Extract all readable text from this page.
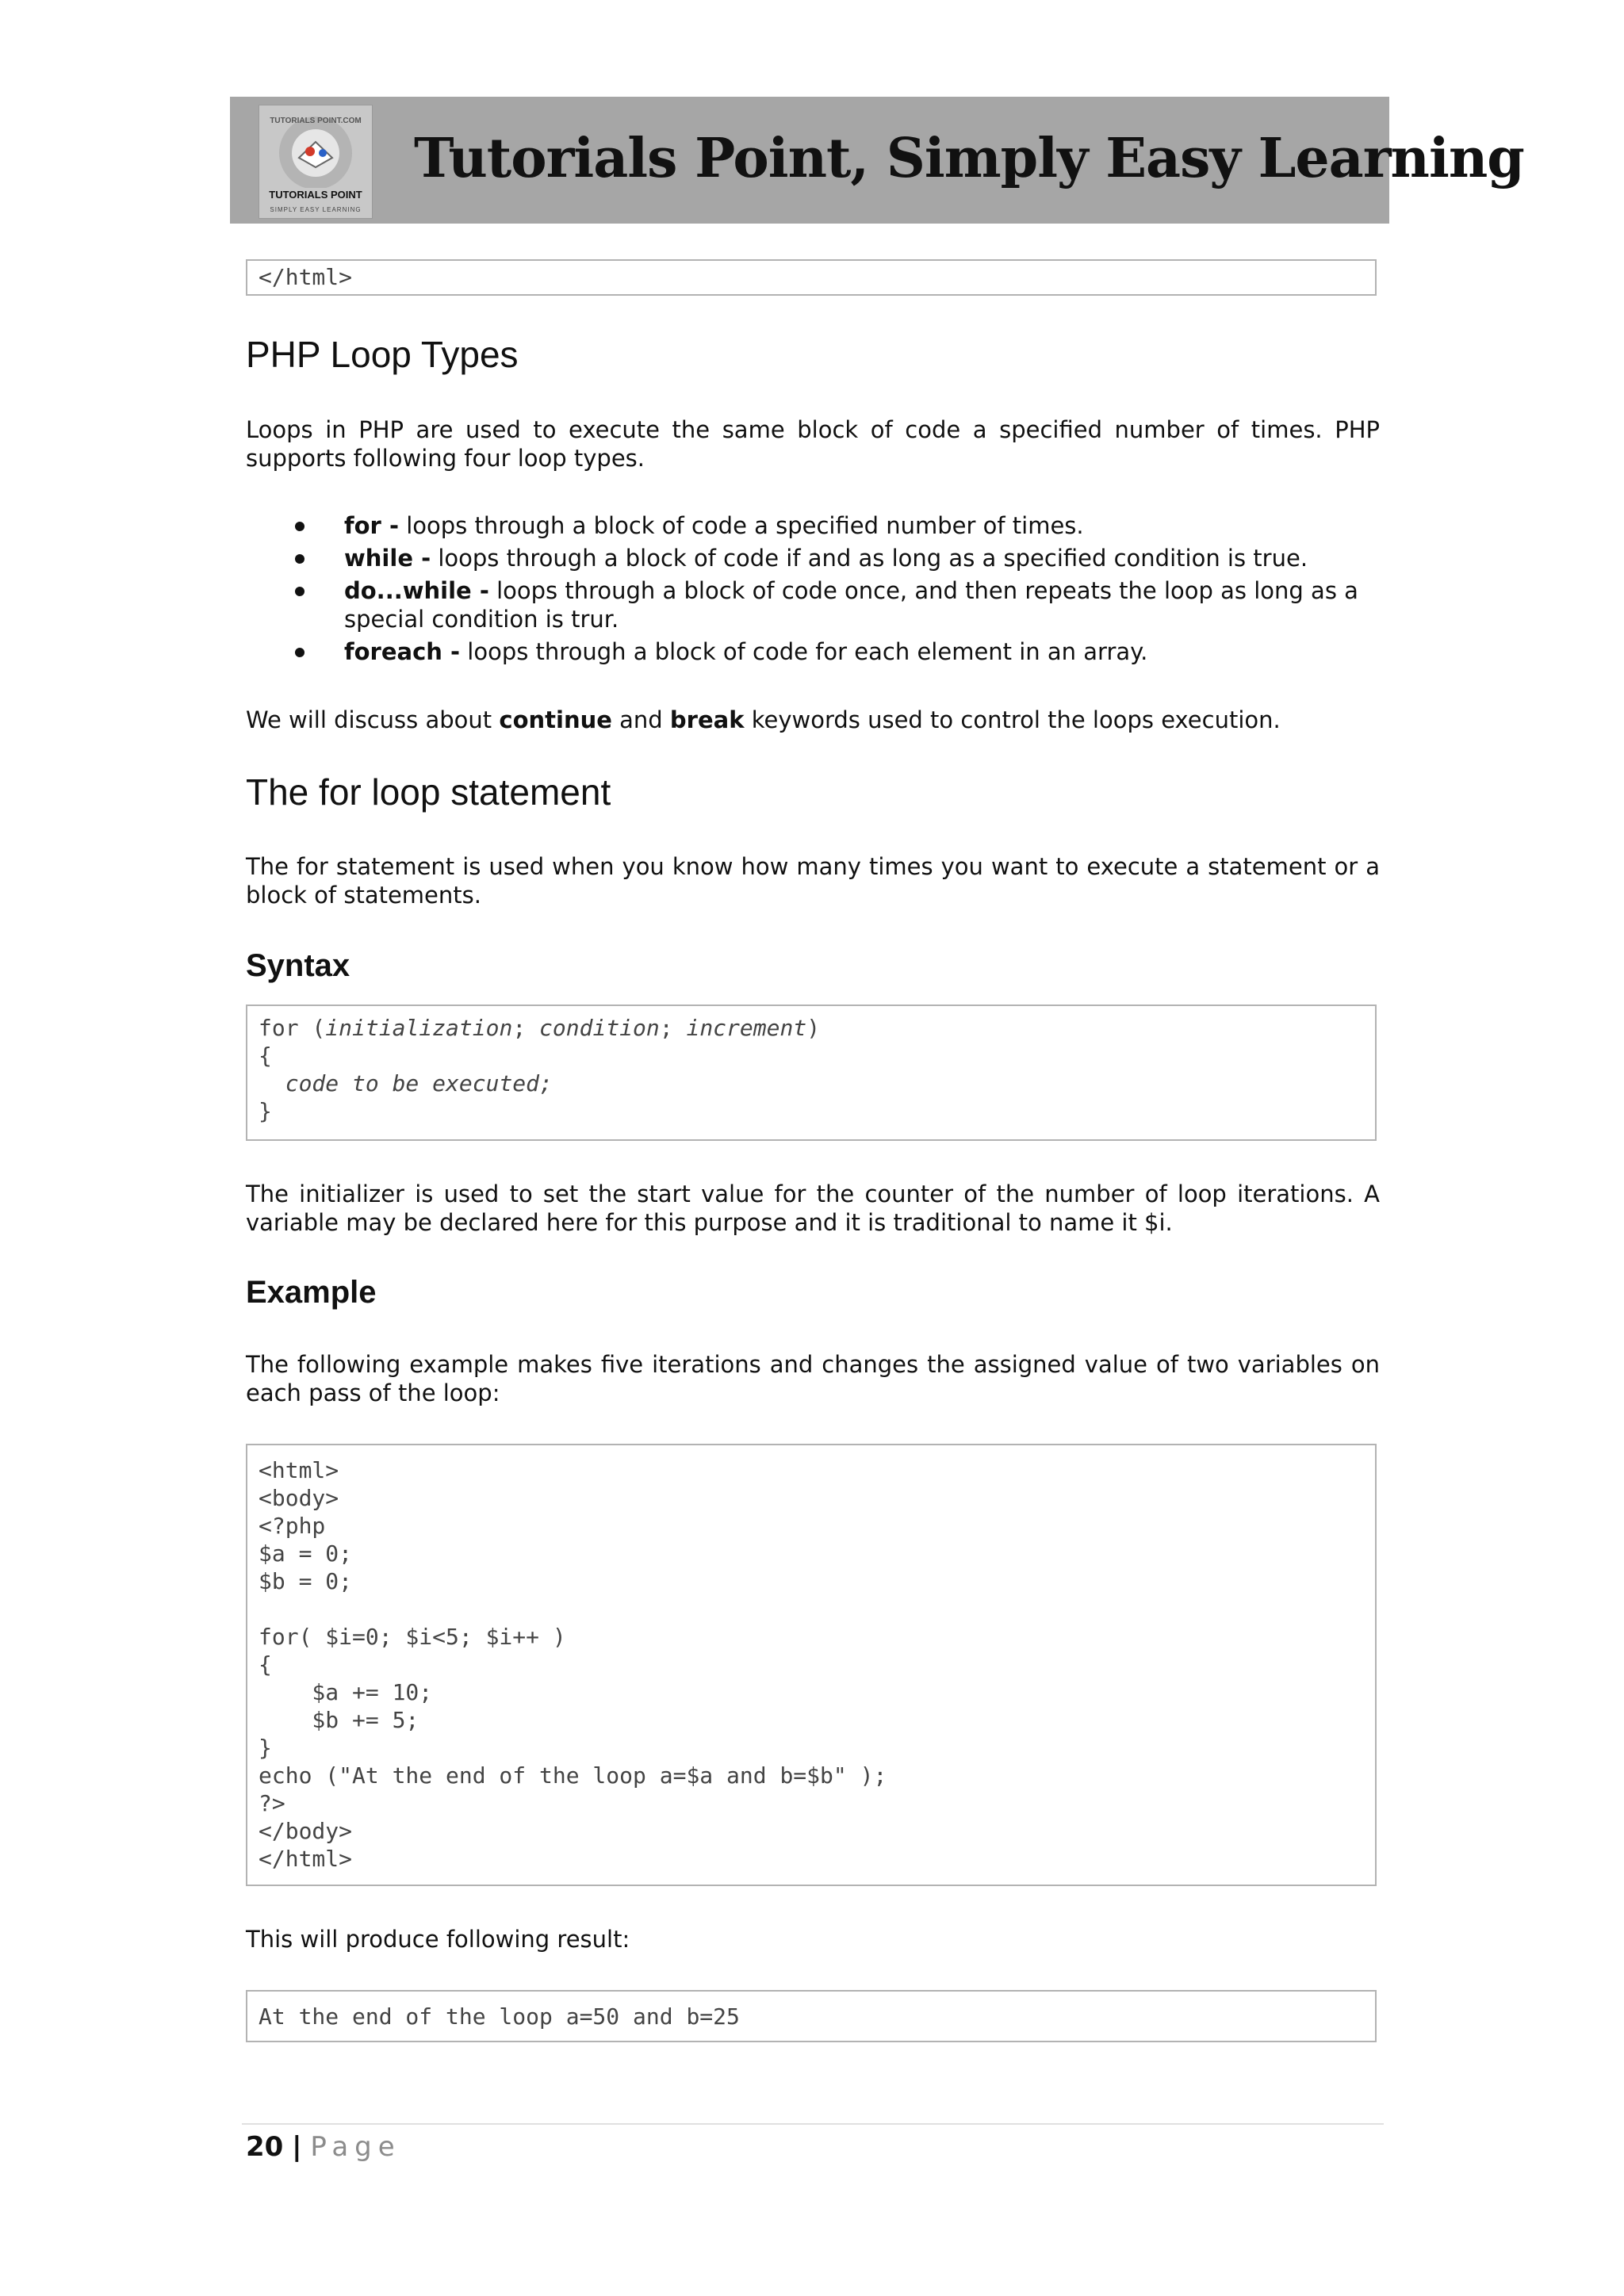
TUTORIALS POINT
SIMPLY EASY LEARNING
TUTORIALS POINT.COM
Tutorials Point, Simply Easy Learning
</html>
PHP Loop Types
Loops in PHP are used to execute the same block of code a specified number of times. PHP supports following four loop types.
for - loops through a block of code a specified number of times.
while - loops through a block of code if and as long as a specified condition is true.
do...while - loops through a block of code once, and then repeats the loop as long as a special condition is trur.
foreach - loops through a block of code for each element in an array.
We will discuss about continue and break keywords used to control the loops execution.
The for loop statement
The for statement is used when you know how many times you want to execute a statement or a block of statements.
Syntax
for (initialization; condition; increment)
{
code to be executed;
}
The initializer is used to set the start value for the counter of the number of loop iterations. A variable may be declared here for this purpose and it is traditional to name it $i.
Example
The following example makes five iterations and changes the assigned value of two variables on each pass of the loop:
<html>
<body>
<?php
$a = 0;
$b = 0;

for( $i=0; $i<5; $i++ )
{
$a += 10;
$b += 5;
}
echo ("At the end of the loop a=$a and b=$b" );
?>
</body>
</html>
This will produce following result:
At the end of the loop a=50 and b=25
20 | Page
